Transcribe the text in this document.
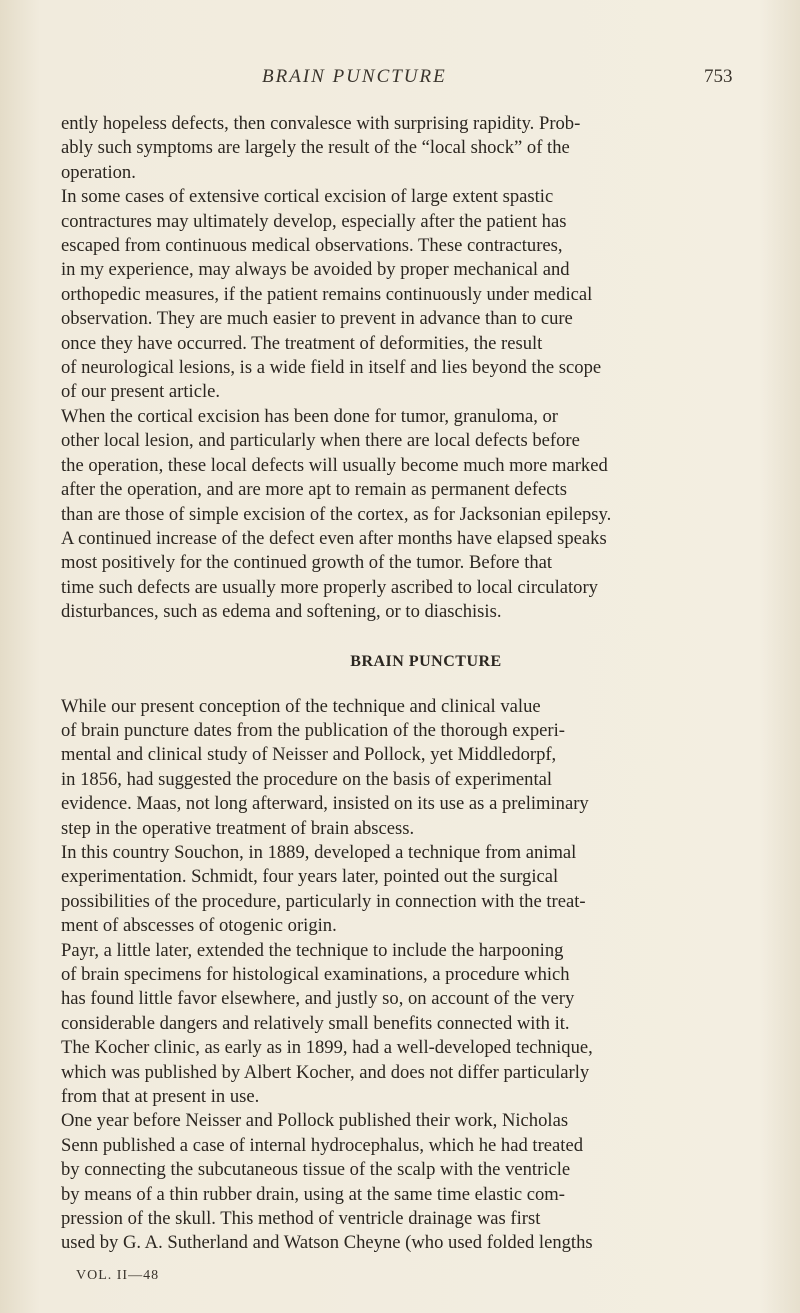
BRAIN PUNCTURE	753

ently hopeless defects, then convalesce with surprising rapidity. Prob-
ably such symptoms are largely the result of the “local shock” of the
operation.

In some cases of extensive cortical excision of large extent spastic
contractures may ultimately develop, especially after the patient has
escaped from continuous medical observations. These contractures,
in my experience, may always be avoided by proper mechanical and
orthopedic measures, if the patient remains continuously under medical
observation. They are much easier to prevent in advance than to cure
once they have occurred. The treatment of deformities, the result
of neurological lesions, is a wide field in itself and lies beyond the scope
of our present article.

When the cortical excision has been done for tumor, granuloma, or
other local lesion, and particularly when there are local defects before
the operation, these local defects will usually become much more marked
after the operation, and are more apt to remain as permanent defects
than are those of simple excision of the cortex, as for Jacksonian epilepsy.
A continued increase of the defect even after months have elapsed speaks
most positively for the continued growth of the tumor. Before that
time such defects are usually more properly ascribed to local circulatory
disturbances, such as edema and softening, or to diaschisis.

BRAIN PUNCTURE

While our present conception of the technique and clinical value
of brain puncture dates from the publication of the thorough experi-
mental and clinical study of Neisser and Pollock, yet Middledorpf,
in 1856, had suggested the procedure on the basis of experimental
evidence. Maas, not long afterward, insisted on its use as a preliminary
step in the operative treatment of brain abscess.

In this country Souchon, in 1889, developed a technique from animal
experimentation. Schmidt, four years later, pointed out the surgical
possibilities of the procedure, particularly in connection with the treat-
ment of abscesses of otogenic origin.

Payr, a little later, extended the technique to include the harpooning
of brain specimens for histological examinations, a procedure which
has found little favor elsewhere, and justly so, on account of the very
considerable dangers and relatively small benefits connected with it.

The Kocher clinic, as early as in 1899, had a well-developed technique,
which was published by Albert Kocher, and does not differ particularly
from that at present in use.

One year before Neisser and Pollock published their work, Nicholas
Senn published a case of internal hydrocephalus, which he had treated
by connecting the subcutaneous tissue of the scalp with the ventricle
by means of a thin rubber drain, using at the same time elastic com-
pression of the skull. This method of ventricle drainage was first
used by G. A. Sutherland and Watson Cheyne (who used folded lengths

VOL. II—48
